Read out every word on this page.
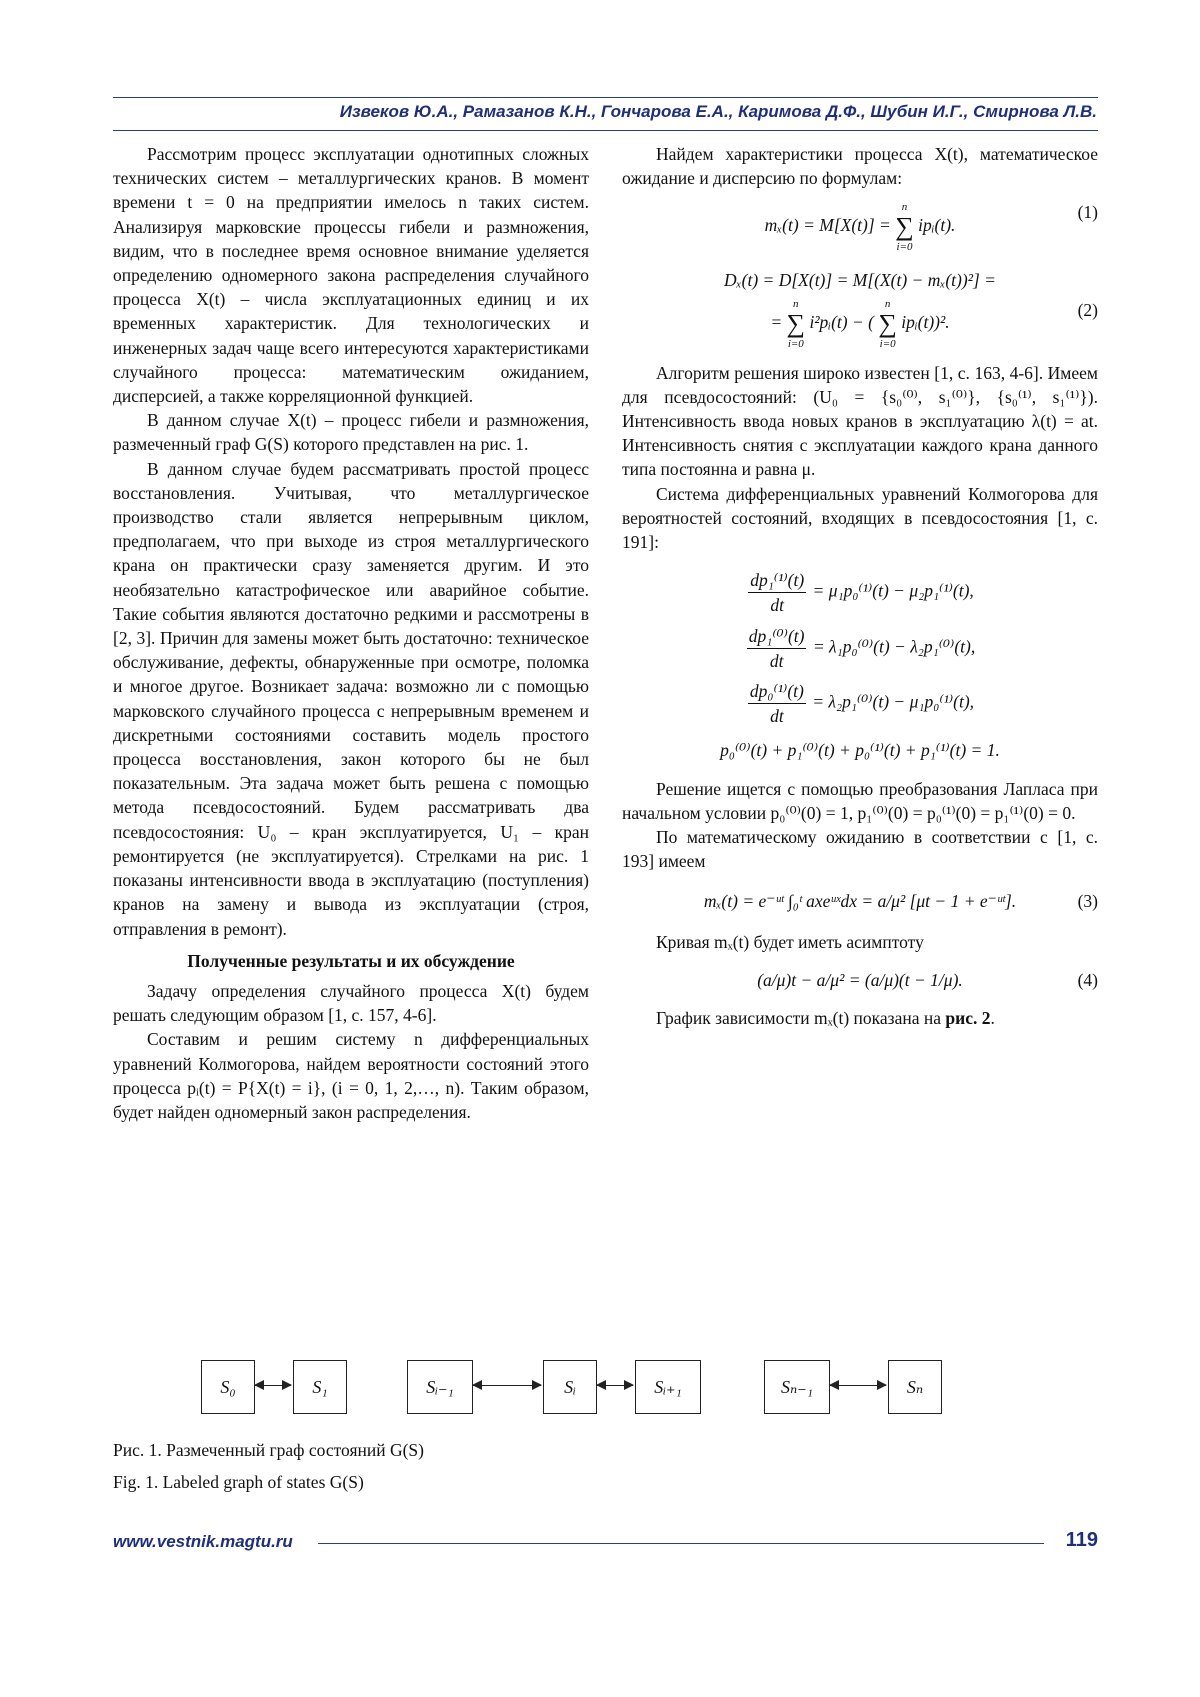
Извеков Ю.А., Рамазанов К.Н., Гончарова Е.А., Каримова Д.Ф., Шубин И.Г., Смирнова Л.В.

Рассмотрим процесс эксплуатации однотипных сложных технических систем – металлургических кранов. В момент времени t = 0 на предприятии имелось n таких систем. Анализируя марковские процессы гибели и размножения, видим, что в последнее время основное внимание уделяется определению одномерного закона распределения случайного процесса X(t) – числа эксплуатационных единиц и их временных характеристик. Для технологических и инженерных задач чаще всего интересуются характеристиками случайного процесса: математическим ожиданием, дисперсией, а также корреляционной функцией.

В данном случае X(t) – процесс гибели и размножения, размеченный граф G(S) которого представлен на рис. 1.

В данном случае будем рассматривать простой процесс восстановления. Учитывая, что металлургическое производство стали является непрерывным циклом, предполагаем, что при выходе из строя металлургического крана он практически сразу заменяется другим. И это необязательно катастрофическое или аварийное событие. Такие события являются достаточно редкими и рассмотрены в [2, 3]. Причин для замены может быть достаточно: техническое обслуживание, дефекты, обнаруженные при осмотре, поломка и многое другое. Возникает задача: возможно ли с помощью марковского случайного процесса с непрерывным временем и дискретными состояниями составить модель простого процесса восстановления, закон которого бы не был показательным. Эта задача может быть решена с помощью метода псевдосостояний. Будем рассматривать два псевдосостояния: U₀ – кран эксплуатируется, U₁ – кран ремонтируется (не эксплуатируется). Стрелками на рис. 1 показаны интенсивности ввода в эксплуатацию (поступления) кранов на замену и вывода из эксплуатации (строя, отправления в ремонт).

Полученные результаты и их обсуждение

Задачу определения случайного процесса X(t) будем решать следующим образом [1, с. 157, 4-6].

Составим и решим систему n дифференциальных уравнений Колмогорова, найдем вероятности состояний этого процесса pᵢ(t) = P{X(t) = i}, (i = 0, 1, 2,…, n). Таким образом, будет найден одномерный закон распределения.

Найдем характеристики процесса X(t), математическое ожидание и дисперсию по формулам:

mₓ(t) = M[X(t)] =
n
∑
i=0
ipᵢ(t).
(1)
Dₓ(t) = D[X(t)] = M[(X(t) − mₓ(t))²] =
=
n
∑
i=0
i²pᵢ(t) − (
n
∑
i=0
ipᵢ(t))².
(2)

Алгоритм решения широко известен [1, с. 163, 4-6]. Имеем для псевдосостояний: (U₀ = {s₀⁽⁰⁾, s₁⁽⁰⁾}, {s₀⁽¹⁾, s₁⁽¹⁾}). Интенсивность ввода новых кранов в эксплуатацию λ(t) = at. Интенсивность снятия с эксплуатации каждого крана данного типа постоянна и равна μ.

Система дифференциальных уравнений Колмогорова для вероятностей состояний, входящих в псевдосостояния [1, с. 191]:

dp₁⁽¹⁾(t)
dt
= μ₁p₀⁽¹⁾(t) − μ₂p₁⁽¹⁾(t),
dp₁⁽⁰⁾(t)
dt
= λ₁p₀⁽⁰⁾(t) − λ₂p₁⁽⁰⁾(t),
dp₀⁽¹⁾(t)
dt
= λ₂p₁⁽⁰⁾(t) − μ₁p₀⁽¹⁾(t),
p₀⁽⁰⁾(t) + p₁⁽⁰⁾(t) + p₀⁽¹⁾(t) + p₁⁽¹⁾(t) = 1.

Решение ищется с помощью преобразования Лапласа при начальном условии p₀⁽⁰⁾(0) = 1, p₁⁽⁰⁾(0) = p₀⁽¹⁾(0) = p₁⁽¹⁾(0) = 0.

По математическому ожиданию в соответствии с [1, с. 193] имеем

mₓ(t) = e⁻ᵘᵗ ∫₀ᵗ axeᵘˣdx = a/μ² [μt − 1 + e⁻ᵘᵗ].	(3)

Кривая mₓ(t) будет иметь асимптоту

(a/μ)t − a/μ² = (a/μ)(t − 1/μ).	(4)

График зависимости mₓ(t) показана на рис. 2.

S₀	S₁	Sᵢ₋₁	Sᵢ	Sᵢ₊₁	Sₙ₋₁	Sₙ
Рис. 1. Размеченный граф состояний G(S)
Fig. 1. Labeled graph of states G(S)
www.vestnik.magtu.ru	119
